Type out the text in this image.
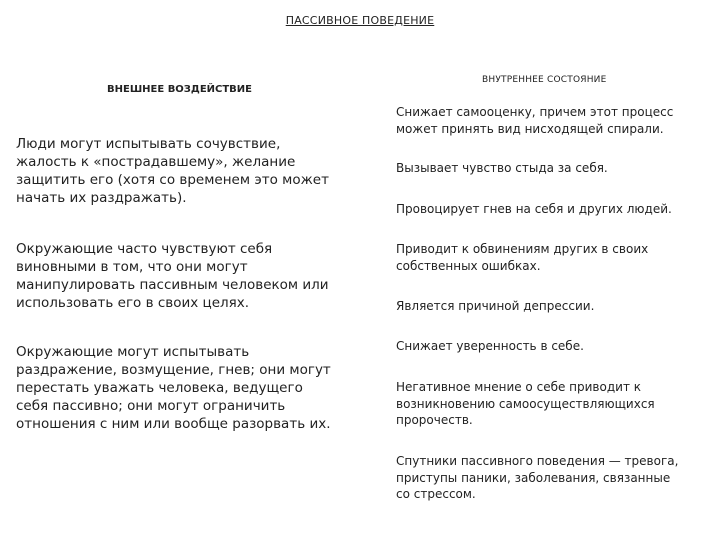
ПАССИВНОЕ ПОВЕДЕНИЕ
ВНЕШНЕЕ ВОЗДЕЙСТВИЕ
ВНУТРЕННЕЕ СОСТОЯНИЕ
Люди могут испытывать сочувствие, жалость к «пострадавшему», желание защитить его (хотя со временем это может начать их раздражать).
Окружающие часто чувствуют себя виновными в том, что они могут манипулировать пассивным человеком или использовать его в своих целях.
Окружающие могут испытывать раздражение, возмущение, гнев; они могут перестать уважать человека, ведущего себя пассивно; они могут ограничить отношения с ним или вообще разорвать их.
Снижает самооценку, причем этот процесс может принять вид нисходящей спирали.
Вызывает чувство стыда за себя.
Провоцирует гнев на себя и других людей.
Приводит к обвинениям других в своих собственных ошибках.
Является причиной депрессии.
Снижает уверенность в себе.
Негативное мнение о себе приводит к возникновению самоосуществляющихся пророчеств.
Спутники пассивного поведения — тревога, приступы паники, заболевания, связанные со стрессом.
